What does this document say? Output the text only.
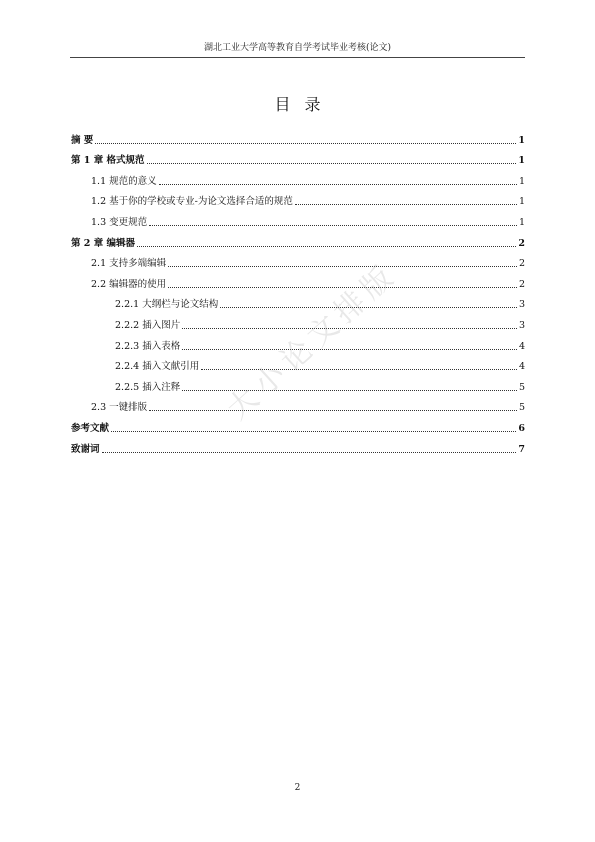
湖北工业大学高等教育自学考试毕业考核(论文)
目录
摘 要	1
第 1 章 格式规范	1
1.1 规范的意义	1
1.2 基于你的学校或专业-为论文选择合适的规范	1
1.3 变更规范	1
第 2 章 编辑器	2
2.1 支持多端编辑	2
2.2 编辑器的使用	2
2.2.1 大纲栏与论文结构	3
2.2.2 插入图片	3
2.2.3 插入表格	4
2.2.4 插入文献引用	4
2.2.5 插入注释	5
2.3 一键排版	5
参考文献	6
致谢词	7
大小论文排版
2
